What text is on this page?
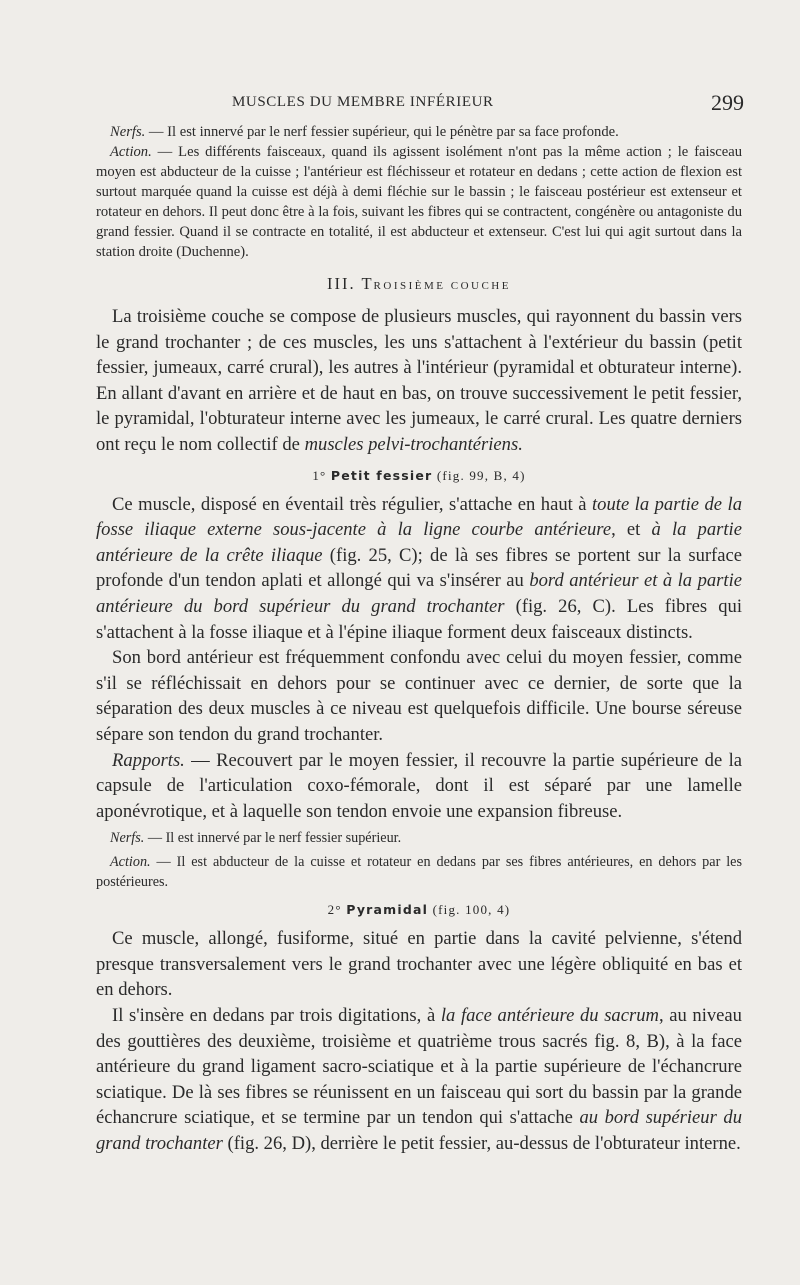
MUSCLES DU MEMBRE INFÉRIEUR	299

Nerfs. — Il est innervé par le nerf fessier supérieur, qui le pénètre par sa face profonde.

Action. — Les différents faisceaux, quand ils agissent isolément n'ont pas la même action ; le faisceau moyen est abducteur de la cuisse ; l'antérieur est fléchisseur et rotateur en dedans ; cette action de flexion est surtout marquée quand la cuisse est déjà à demi fléchie sur le bassin ; le faisceau postérieur est extenseur et rotateur en dehors. Il peut donc être à la fois, suivant les fibres qui se contractent, congénère ou antagoniste du grand fessier. Quand il se contracte en totalité, il est abducteur et extenseur. C'est lui qui agit surtout dans la station droite (Duchenne).

III. TROISIÈME COUCHE

La troisième couche se compose de plusieurs muscles, qui rayonnent du bassin vers le grand trochanter ; de ces muscles, les uns s'attachent à l'extérieur du bassin (petit fessier, jumeaux, carré crural), les autres à l'intérieur (pyramidal et obturateur interne). En allant d'avant en arrière et de haut en bas, on trouve successivement le petit fessier, le pyramidal, l'obturateur interne avec les jumeaux, le carré crural. Les quatre derniers ont reçu le nom collectif de muscles pelvi-trochantériens.

1° Petit fessier (fig. 99, B, 4)

Ce muscle, disposé en éventail très régulier, s'attache en haut à toute la partie de la fosse iliaque externe sous-jacente à la ligne courbe antérieure, et à la partie antérieure de la crête iliaque (fig. 25, C); de là ses fibres se portent sur la surface profonde d'un tendon aplati et allongé qui va s'insérer au bord antérieur et à la partie antérieure du bord supérieur du grand trochanter (fig. 26, C). Les fibres qui s'attachent à la fosse iliaque et à l'épine iliaque forment deux faisceaux distincts.

Son bord antérieur est fréquemment confondu avec celui du moyen fessier, comme s'il se réfléchissait en dehors pour se continuer avec ce dernier, de sorte que la séparation des deux muscles à ce niveau est quelquefois difficile. Une bourse séreuse sépare son tendon du grand trochanter.

Rapports. — Recouvert par le moyen fessier, il recouvre la partie supérieure de la capsule de l'articulation coxo-fémorale, dont il est séparé par une lamelle aponévrotique, et à laquelle son tendon envoie une expansion fibreuse.

Nerfs. — Il est innervé par le nerf fessier supérieur.

Action. — Il est abducteur de la cuisse et rotateur en dedans par ses fibres antérieures, en dehors par les postérieures.

2° Pyramidal (fig. 100, 4)

Ce muscle, allongé, fusiforme, situé en partie dans la cavité pelvienne, s'étend presque transversalement vers le grand trochanter avec une légère obliquité en bas et en dehors.

Il s'insère en dedans par trois digitations, à la face antérieure du sacrum, au niveau des gouttières des deuxième, troisième et quatrième trous sacrés fig. 8, B), à la face antérieure du grand ligament sacro-sciatique et à la partie supérieure de l'échancrure sciatique. De là ses fibres se réunissent en un faisceau qui sort du bassin par la grande échancrure sciatique, et se termine par un tendon qui s'attache au bord supérieur du grand trochanter (fig. 26, D), derrière le petit fessier, au-dessus de l'obturateur interne.
